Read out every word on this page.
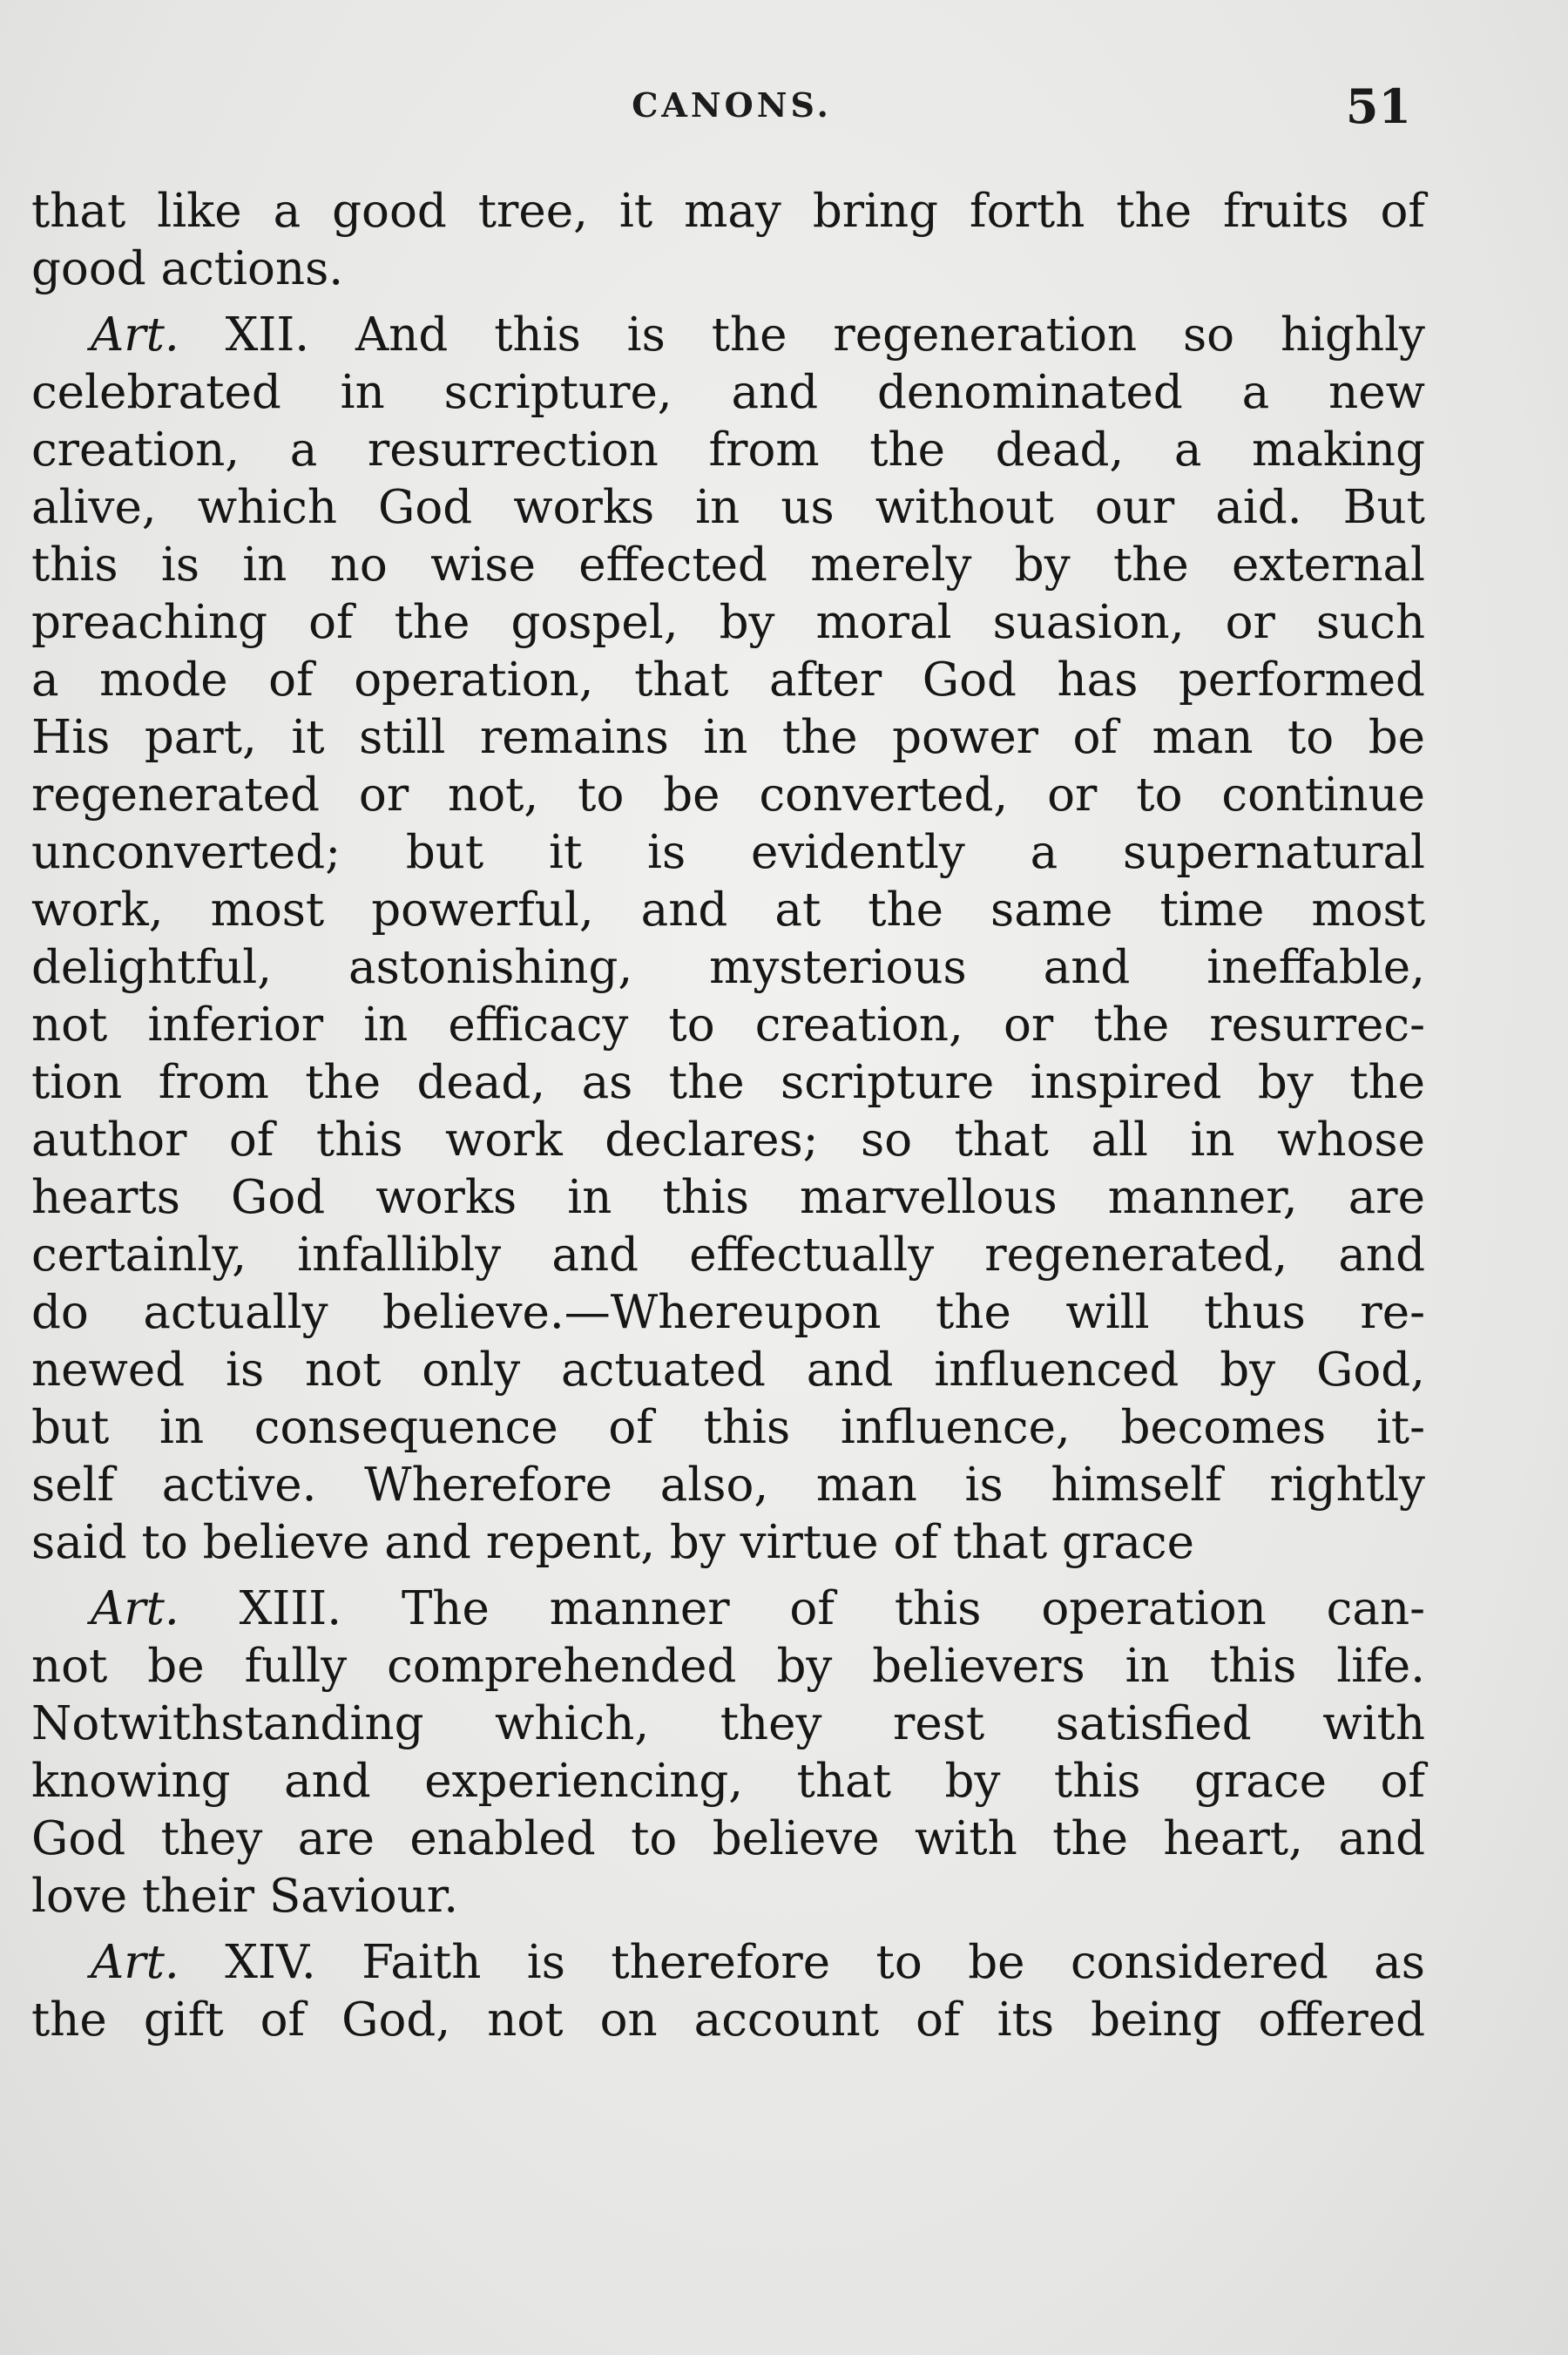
CANONS.	51
that like a good tree, it may bring forth the fruits of
good actions.
Art. XII. And this is the regeneration so highly
celebrated in scripture, and denominated a new
creation, a resurrection from the dead, a making
alive, which God works in us without our aid. But
this is in no wise effected merely by the external
preaching of the gospel, by moral suasion, or such
a mode of operation, that after God has performed
His part, it still remains in the power of man to be
regenerated or not, to be converted, or to continue
unconverted; but it is evidently a supernatural
work, most powerful, and at the same time most
delightful, astonishing, mysterious and ineffable,
not inferior in efficacy to creation, or the resurrec-
tion from the dead, as the scripture inspired by the
author of this work declares; so that all in whose
hearts God works in this marvellous manner, are
certainly, infallibly and effectually regenerated, and
do actually believe.—Whereupon the will thus re-
newed is not only actuated and influenced by God,
but in consequence of this influence, becomes it-
self active. Wherefore also, man is himself rightly
said to believe and repent, by virtue of that grace
Art. XIII. The manner of this operation can-
not be fully comprehended by believers in this life.
Notwithstanding which, they rest satisfied with
knowing and experiencing, that by this grace of
God they are enabled to believe with the heart, and
love their Saviour.
Art. XIV. Faith is therefore to be considered as
the gift of God, not on account of its being offered
